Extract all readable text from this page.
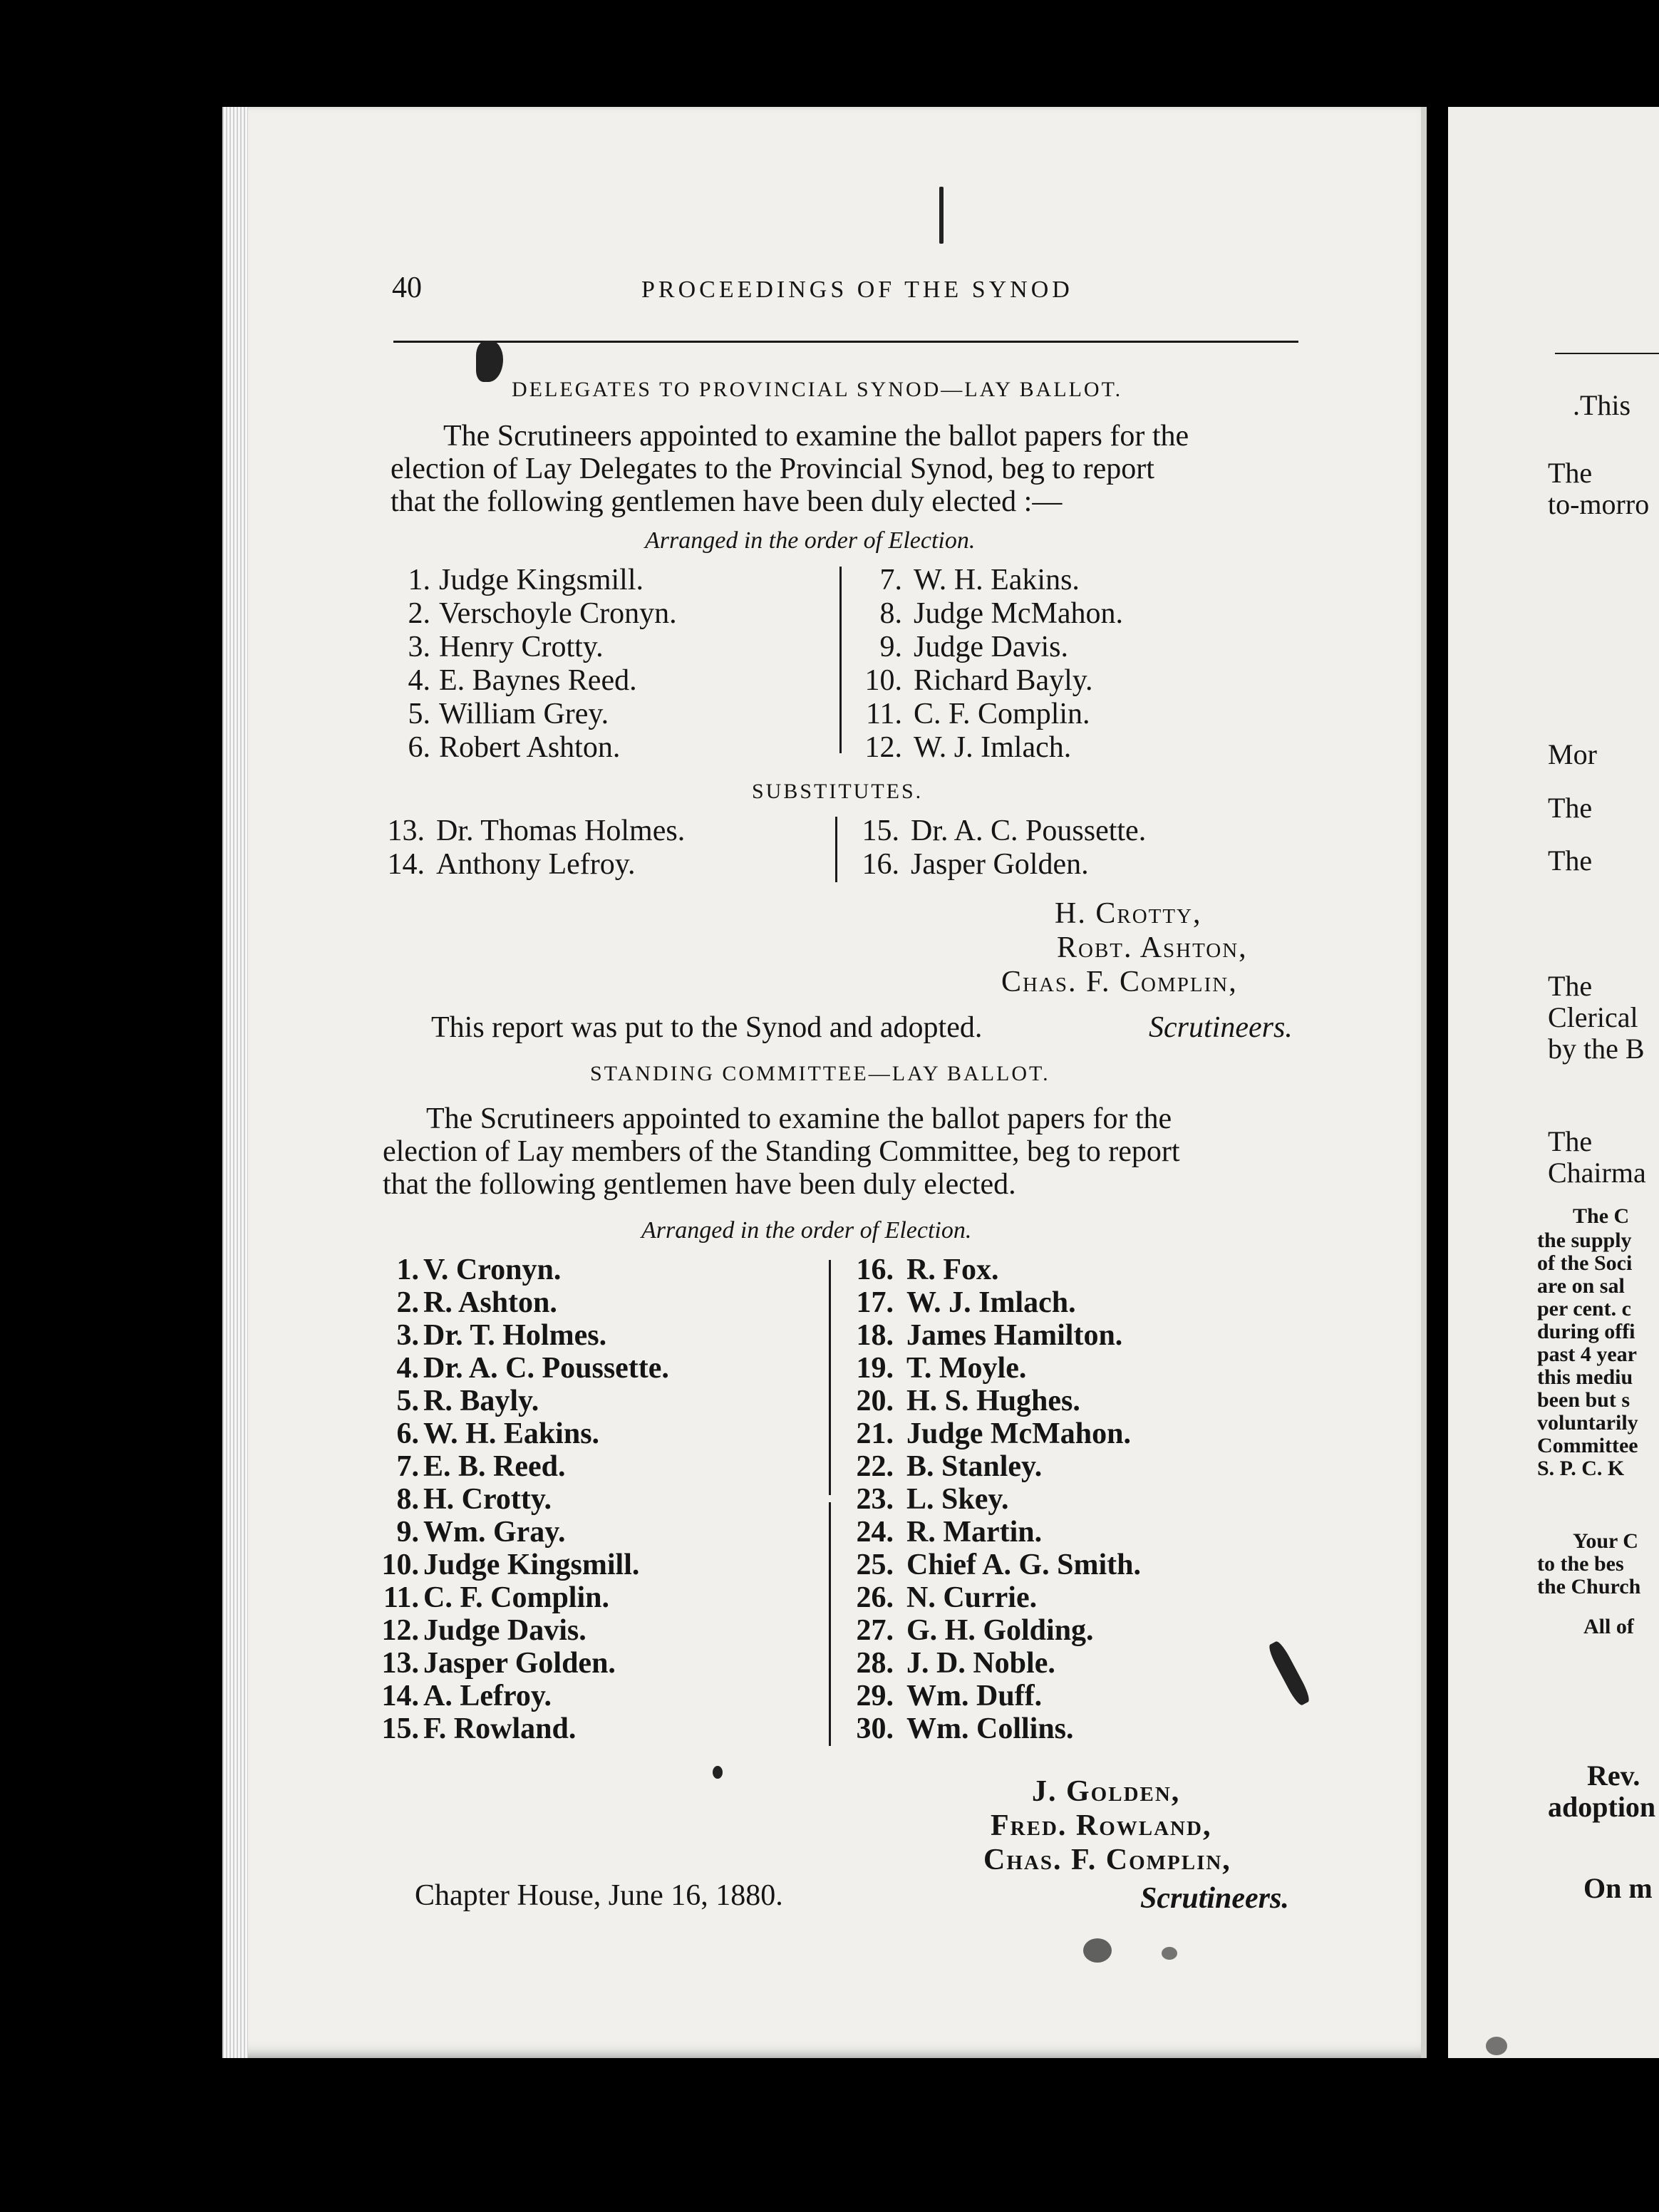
.This
The
to-morro
Mor
The
The
The
Clerical
by the B
The
Chairma
The C
the supply
of the Soci
are on sal
per cent. c
during offi
past 4 year
this mediu
been but s
voluntarily
Committee
S. P. C. K
Your C
to the bes
the Church
All of
Rev.
adoption
On m
40	PROCEEDINGS OF THE SYNOD
DELEGATES TO PROVINCIAL SYNOD—LAY BALLOT.
The Scrutineers appointed to examine the ballot papers for the
election of Lay Delegates to the Provincial Synod, beg to report
that the following gentlemen have been duly elected :—
Arranged in the order of Election.
1. Judge Kingsmill.
2. Verschoyle Cronyn.
3. Henry Crotty.
4. E. Baynes Reed.
5. William Grey.
6. Robert Ashton.
7. W. H. Eakins.
8. Judge McMahon.
9. Judge Davis.
10. Richard Bayly.
11. C. F. Complin.
12. W. J. Imlach.
SUBSTITUTES.
13. Dr. Thomas Holmes.
14. Anthony Lefroy.
15. Dr. A. C. Poussette.
16. Jasper Golden.
H. Crotty,
Robt. Ashton,
Chas. F. Complin,
This report was put to the Synod and adopted.	Scrutineers.
STANDING COMMITTEE—LAY BALLOT.
The Scrutineers appointed to examine the ballot papers for the
election of Lay members of the Standing Committee, beg to report
that the following gentlemen have been duly elected.
Arranged in the order of Election.
1. V. Cronyn.
2. R. Ashton.
3. Dr. T. Holmes.
4. Dr. A. C. Poussette.
5. R. Bayly.
6. W. H. Eakins.
7. E. B. Reed.
8. H. Crotty.
9. Wm. Gray.
10. Judge Kingsmill.
11. C. F. Complin.
12. Judge Davis.
13. Jasper Golden.
14. A. Lefroy.
15. F. Rowland.
16. R. Fox.
17. W. J. Imlach.
18. James Hamilton.
19. T. Moyle.
20. H. S. Hughes.
21. Judge McMahon.
22. B. Stanley.
23. L. Skey.
24. R. Martin.
25. Chief A. G. Smith.
26. N. Currie.
27. G. H. Golding.
28. J. D. Noble.
29. Wm. Duff.
30. Wm. Collins.
J. Golden,
Fred. Rowland,
Chas. F. Complin,
Chapter House, June 16, 1880.	Scrutineers.
